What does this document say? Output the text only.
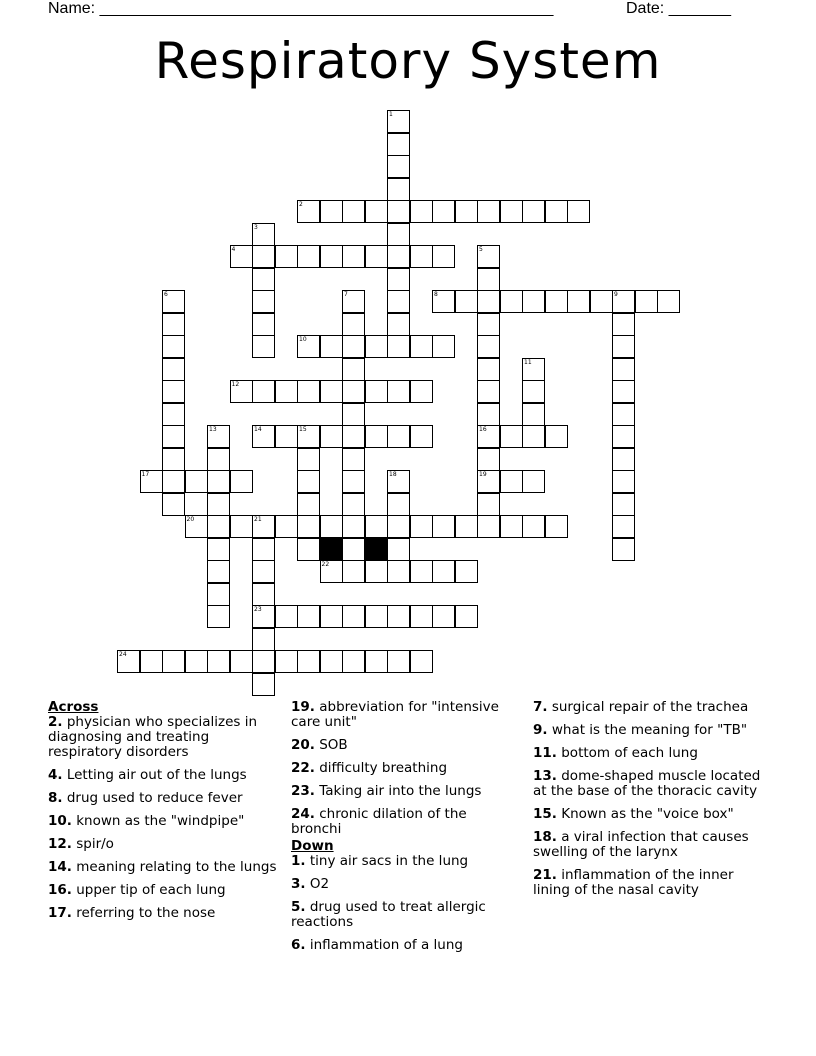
Name: ___________________________________________________	Date: _______
Respiratory System
2
4
8	9
10
12
14	15	16
17	19
20	21
22
23
24
1
3
5
6	7
11
13
18
Across
2. physician who specializes in diagnosing and treating respiratory disorders
4. Letting air out of the lungs
8. drug used to reduce fever
10. known as the "windpipe"
12. spir/o
14. meaning relating to the lungs
16. upper tip of each lung
17. referring to the nose
19. abbreviation for "intensive care unit"
20. SOB
22. difficulty breathing
23. Taking air into the lungs
24. chronic dilation of the bronchi
Down
1. tiny air sacs in the lung
3. O2
5. drug used to treat allergic reactions
6. inflammation of a lung
7. surgical repair of the trachea
9. what is the meaning for "TB"
11. bottom of each lung
13. dome-shaped muscle located at the base of the thoracic cavity
15. Known as the "voice box"
18. a viral infection that causes swelling of the larynx
21. inflammation of the inner lining of the nasal cavity
